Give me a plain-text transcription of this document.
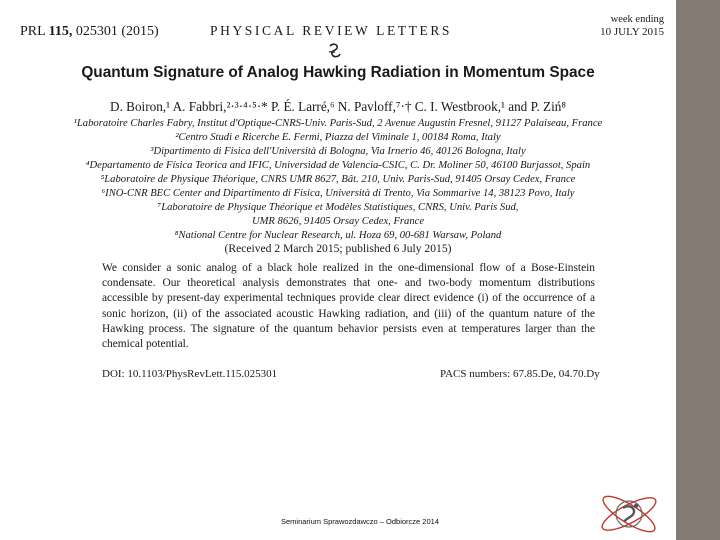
PRL 115, 025301 (2015)	PHYSICAL REVIEW LETTERS
week ending
10 JULY 2015
Quantum Signature of Analog Hawking Radiation in Momentum Space
D. Boiron,¹ A. Fabbri,²·³·⁴·⁵·* P. É. Larré,⁶ N. Pavloff,⁷·† C. I. Westbrook,¹ and P. Ziń⁸
¹Laboratoire Charles Fabry, Institut d'Optique-CNRS-Univ. Paris-Sud, 2 Avenue Augustin Fresnel, 91127 Palaiseau, France
²Centro Studi e Ricerche E. Fermi, Piazza del Viminale 1, 00184 Roma, Italy
³Dipartimento di Fisica dell'Università di Bologna, Via Irnerio 46, 40126 Bologna, Italy
⁴Departamento de Física Teorica and IFIC, Universidad de Valencia-CSIC, C. Dr. Moliner 50, 46100 Burjassot, Spain
⁵Laboratoire de Physique Théorique, CNRS UMR 8627, Bât. 210, Univ. Paris-Sud, 91405 Orsay Cedex, France
⁶INO-CNR BEC Center and Dipartimento di Fisica, Università di Trento, Via Sommarive 14, 38123 Povo, Italy
⁷Laboratoire de Physique Théorique et Modèles Statistiques, CNRS, Univ. Paris Sud,
UMR 8626, 91405 Orsay Cedex, France
⁸National Centre for Nuclear Research, ul. Hoza 69, 00-681 Warsaw, Poland
(Received 2 March 2015; published 6 July 2015)
We consider a sonic analog of a black hole realized in the one-dimensional flow of a Bose-Einstein
condensate. Our theoretical analysis demonstrates that one- and two-body momentum distributions
accessible by present-day experimental techniques provide clear direct evidence (i) of the occurrence of a
sonic horizon, (ii) of the associated acoustic Hawking radiation, and (iii) of the quantum nature of the
Hawking process. The signature of the quantum behavior persists even at temperatures larger than the
chemical potential.
DOI: 10.1103/PhysRevLett.115.025301	PACS numbers: 67.85.De, 04.70.Dy
Seminarium Sprawozdawczo – Odbiorcze 2014
